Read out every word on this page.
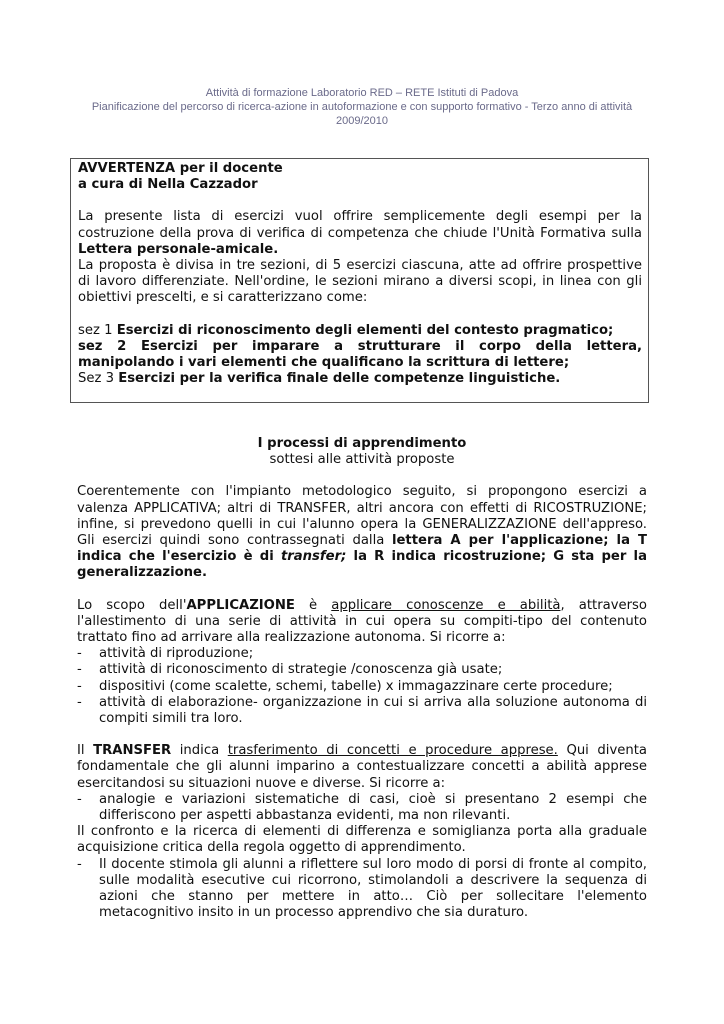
Attività di formazione Laboratorio RED – RETE Istituti di Padova
Pianificazione del percorso di ricerca-azione in autoformazione e con supporto formativo - Terzo anno di attività
2009/2010

AVVERTENZA per il docente

a cura di Nella Cazzador

La presente lista di esercizi vuol offrire semplicemente degli esempi per la costruzione della prova di verifica di competenza che chiude l'Unità Formativa sulla Lettera personale-amicale.

La proposta è divisa in tre sezioni, di 5 esercizi ciascuna, atte ad offrire prospettive di lavoro differenziate. Nell'ordine, le sezioni mirano a diversi scopi, in linea con gli obiettivi prescelti, e si caratterizzano come:

sez 1 Esercizi di riconoscimento degli elementi del contesto pragmatico;

sez 2 Esercizi per imparare a strutturare il corpo della lettera, manipolando i vari elementi che qualificano la scrittura di lettere;

Sez 3 Esercizi per la verifica finale delle competenze linguistiche.

I processi di apprendimento

sottesi alle attività proposte

Coerentemente con l'impianto metodologico seguito, si propongono esercizi a valenza APPLICATIVA; altri di TRANSFER, altri ancora con effetti di RICOSTRUZIONE; infine, si prevedono quelli in cui l'alunno opera la GENERALIZZAZIONE dell'appreso. Gli esercizi quindi sono contrassegnati dalla lettera A per l'applicazione; la T indica che l'esercizio è di transfer; la R indica ricostruzione; G sta per la generalizzazione.

Lo scopo dell'APPLICAZIONE è applicare conoscenze e abilità, attraverso l'allestimento di una serie di attività in cui opera su compiti-tipo del contenuto trattato fino ad arrivare alla realizzazione autonoma. Si ricorre a:

- attività di riproduzione;
- attività di riconoscimento di strategie /conoscenza già usate;
- dispositivi (come scalette, schemi, tabelle) x immagazzinare certe procedure;
- attività di elaborazione- organizzazione in cui si arriva alla soluzione autonoma di compiti simili tra loro.

Il TRANSFER indica trasferimento di concetti e procedure apprese. Qui diventa fondamentale che gli alunni imparino a contestualizzare concetti a abilità apprese esercitandosi su situazioni nuove e diverse. Si ricorre a:

- analogie e variazioni sistematiche di casi, cioè si presentano 2 esempi che differiscono per aspetti abbastanza evidenti, ma non rilevanti.

Il confronto e la ricerca di elementi di differenza e somiglianza porta alla graduale acquisizione critica della regola oggetto di apprendimento.

- Il docente stimola gli alunni a riflettere sul loro modo di porsi di fronte al compito, sulle modalità esecutive cui ricorrono, stimolandoli a descrivere la sequenza di azioni che stanno per mettere in atto… Ciò per sollecitare l'elemento metacognitivo insito in un processo apprendivo che sia duraturo.
